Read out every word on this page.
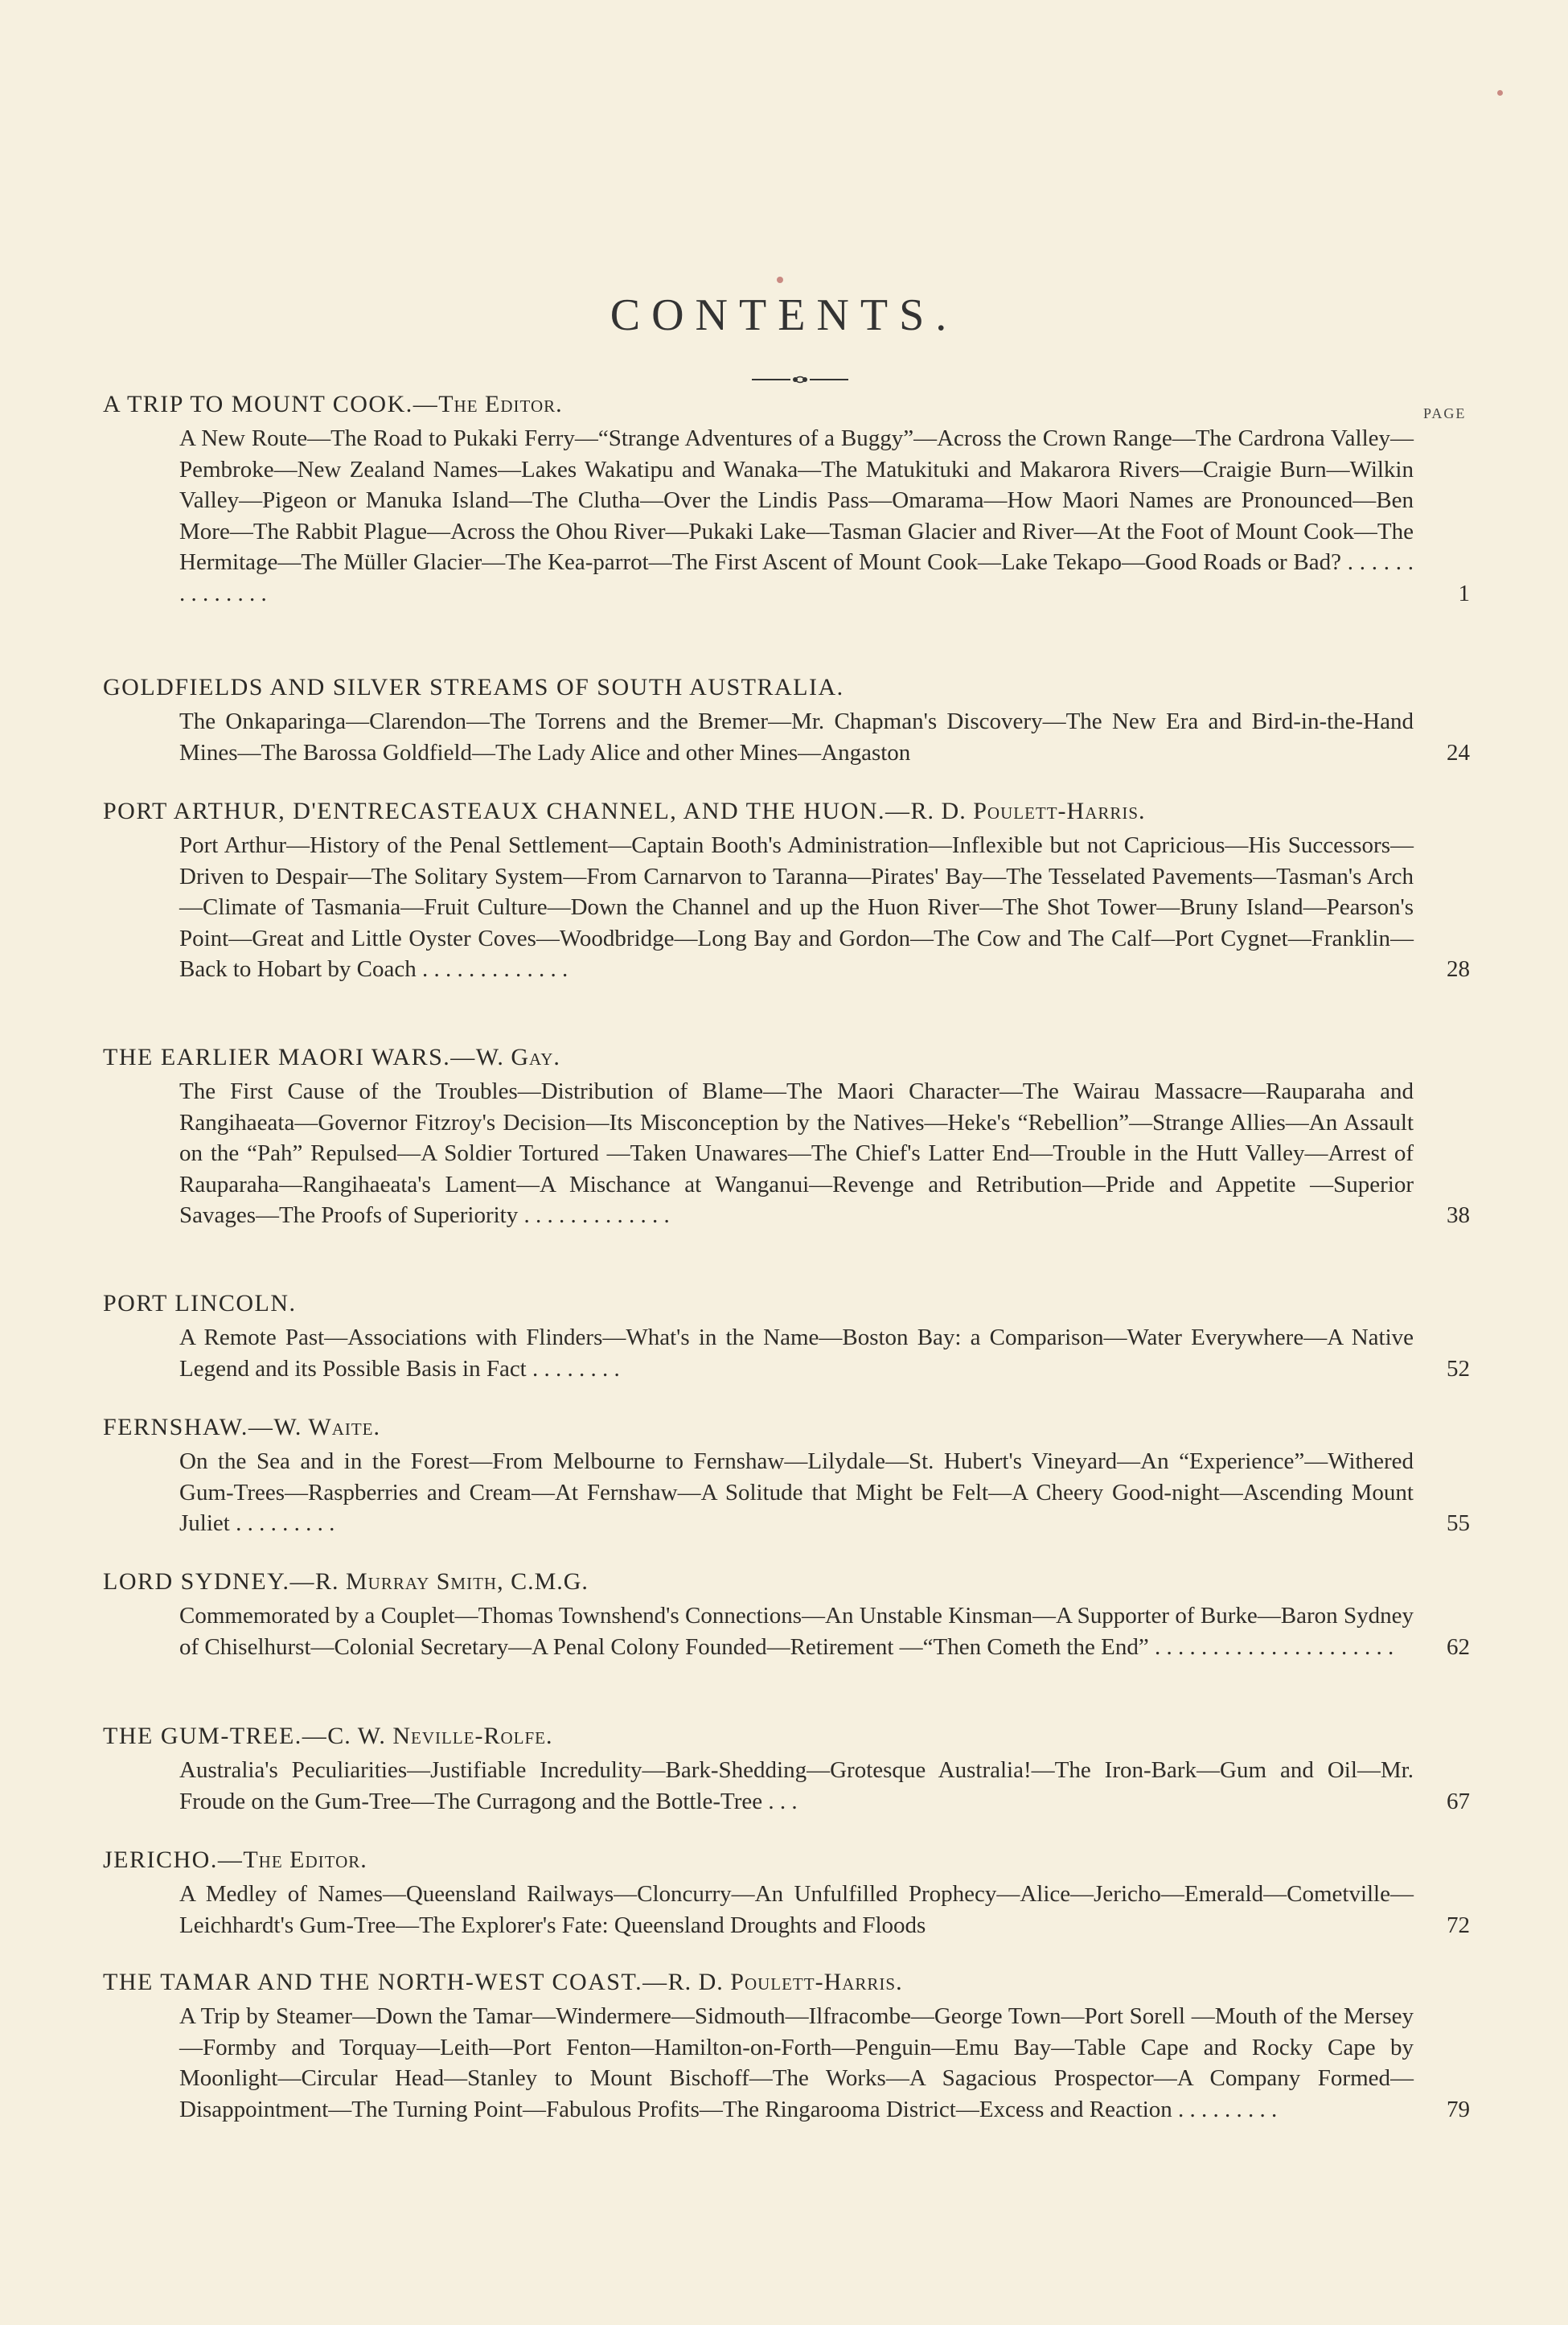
CONTENTS.
PAGE
A TRIP TO MOUNT COOK.—The Editor.
A New Route—The Road to Pukaki Ferry—“Strange Adventures of a Buggy”—Across the Crown Range—The Cardrona Valley—Pembroke—New Zealand Names—Lakes Wakatipu and Wanaka—The Matukituki and Makarora Rivers—Craigie Burn—Wilkin Valley—Pigeon or Manuka Island—The Clutha—Over the Lindis Pass—Omarama—How Maori Names are Pronounced—Ben More—The Rabbit Plague—Across the Ohou River—Pukaki Lake—Tasman Glacier and River—At the Foot of Mount Cook—The Hermitage—The Müller Glacier—The Kea-parrot—The First Ascent of Mount Cook—Lake Tekapo—Good Roads or Bad? . . . . . . . . . . . . . .	1
GOLDFIELDS AND SILVER STREAMS OF SOUTH AUSTRALIA.
The Onkaparinga—Clarendon—The Torrens and the Bremer—Mr. Chapman's Discovery—The New Era and Bird-in-the-Hand Mines—The Barossa Goldfield—The Lady Alice and other Mines—Angaston	24
PORT ARTHUR, D'ENTRECASTEAUX CHANNEL, AND THE HUON.—R. D. Poulett-Harris.
Port Arthur—History of the Penal Settlement—Captain Booth's Administration—Inflexible but not Capricious—His Successors—Driven to Despair—The Solitary System—From Carnarvon to Taranna—Pirates' Bay—The Tesselated Pavements—Tasman's Arch—Climate of Tasmania—Fruit Culture—Down the Channel and up the Huon River—The Shot Tower—Bruny Island—Pearson's Point—Great and Little Oyster Coves—Woodbridge—Long Bay and Gordon—The Cow and The Calf—Port Cygnet—Franklin—Back to Hobart by Coach . . . . . . . . . . . . .	28
THE EARLIER MAORI WARS.—W. Gay.
The First Cause of the Troubles—Distribution of Blame—The Maori Character—The Wairau Massacre—Rauparaha and Rangihaeata—Governor Fitzroy's Decision—Its Misconception by the Natives—Heke's “Rebellion”—Strange Allies—An Assault on the “Pah” Repulsed—A Soldier Tortured —Taken Unawares—The Chief's Latter End—Trouble in the Hutt Valley—Arrest of Rauparaha—Rangihaeata's Lament—A Mischance at Wanganui—Revenge and Retribution—Pride and Appetite —Superior Savages—The Proofs of Superiority . . . . . . . . . . . . .	38
PORT LINCOLN.
A Remote Past—Associations with Flinders—What's in the Name—Boston Bay: a Comparison—Water Everywhere—A Native Legend and its Possible Basis in Fact . . . . . . . .	52
FERNSHAW.—W. Waite.
On the Sea and in the Forest—From Melbourne to Fernshaw—Lilydale—St. Hubert's Vineyard—An “Experience”—Withered Gum-Trees—Raspberries and Cream—At Fernshaw—A Solitude that Might be Felt—A Cheery Good-night—Ascending Mount Juliet . . . . . . . . .	55
LORD SYDNEY.—R. Murray Smith, C.M.G.
Commemorated by a Couplet—Thomas Townshend's Connections—An Unstable Kinsman—A Supporter of Burke—Baron Sydney of Chiselhurst—Colonial Secretary—A Penal Colony Founded—Retirement —“Then Cometh the End” . . . . . . . . . . . . . . . . . . . . .	62
THE GUM-TREE.—C. W. Neville-Rolfe.
Australia's Peculiarities—Justifiable Incredulity—Bark-Shedding—Grotesque Australia!—The Iron-Bark—Gum and Oil—Mr. Froude on the Gum-Tree—The Curragong and the Bottle-Tree . . .	67
JERICHO.—The Editor.
A Medley of Names—Queensland Railways—Cloncurry—An Unfulfilled Prophecy—Alice—Jericho—Emerald—Cometville—Leichhardt's Gum-Tree—The Explorer's Fate: Queensland Droughts and Floods	72
THE TAMAR AND THE NORTH-WEST COAST.—R. D. Poulett-Harris.
A Trip by Steamer—Down the Tamar—Windermere—Sidmouth—Ilfracombe—George Town—Port Sorell —Mouth of the Mersey—Formby and Torquay—Leith—Port Fenton—Hamilton-on-Forth—Penguin—Emu Bay—Table Cape and Rocky Cape by Moonlight—Circular Head—Stanley to Mount Bischoff—The Works—A Sagacious Prospector—A Company Formed—Disappointment—The Turning Point—Fabulous Profits—The Ringarooma District—Excess and Reaction . . . . . . . . .	79
